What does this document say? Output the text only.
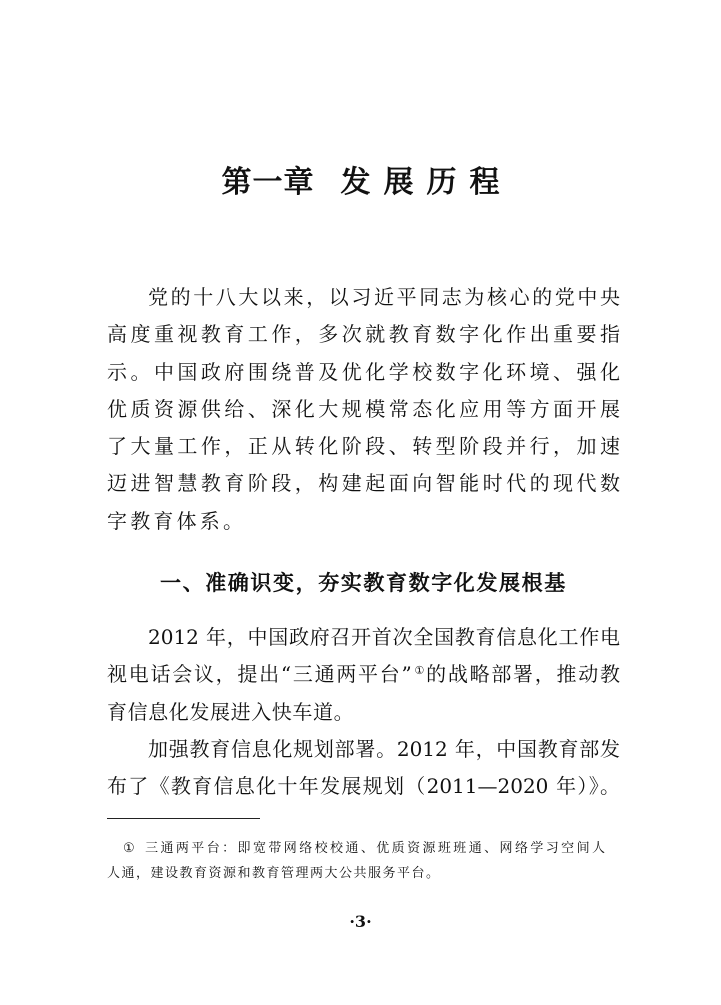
第一章 发展历程
党的十八大以来，以习近平同志为核心的党中央
高度重视教育工作，多次就教育数字化作出重要指
示。中国政府围绕普及优化学校数字化环境、强化
优质资源供给、深化大规模常态化应用等方面开展
了大量工作，正从转化阶段、转型阶段并行，加速
迈进智慧教育阶段，构建起面向智能时代的现代数
字教育体系。
一、准确识变，夯实教育数字化发展根基
2012 年，中国政府召开首次全国教育信息化工作电
视电话会议，提出“三通两平台”①的战略部署，推动教
育信息化发展进入快车道。
加强教育信息化规划部署。2012 年，中国教育部发
布了《教育信息化十年发展规划（2011—2020 年）》。
① 三通两平台：即宽带网络校校通、优质资源班班通、网络学习空间人
人通，建设教育资源和教育管理两大公共服务平台。
·3·
